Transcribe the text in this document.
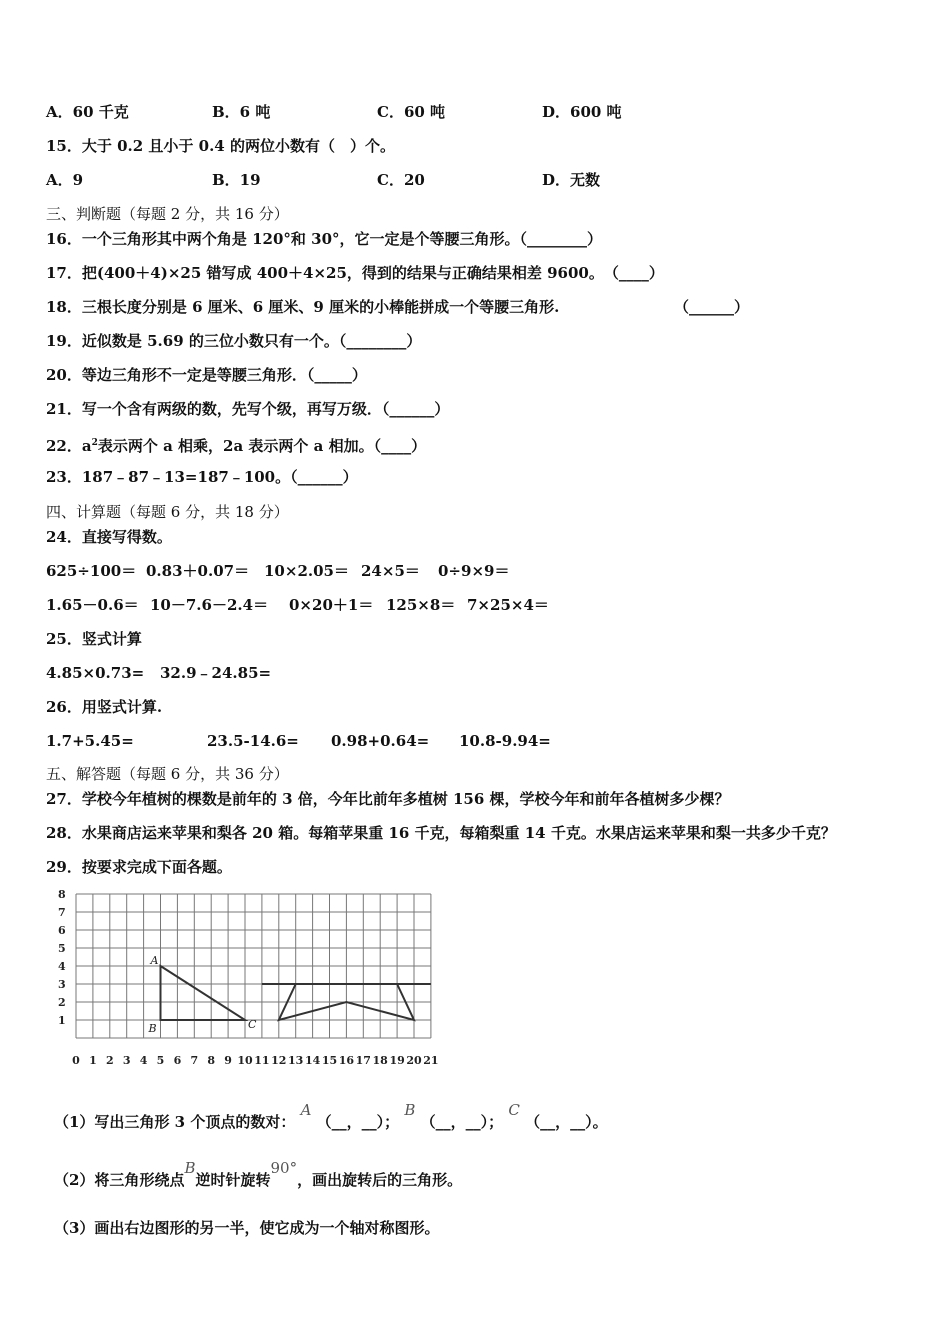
A．60 千克	B．6 吨	C．60 吨	D．600 吨
15．大于 0.2 且小于 0.4 的两位小数有（　）个。
A．9	B．19	C．20	D．无数
三、判断题（每题 2 分，共 16 分）
16．一个三角形其中两个角是 120°和 30°，它一定是个等腰三角形。（________）
17．把(400＋4)×25 错写成 400＋4×25，得到的结果与正确结果相差 9600。　（____）
18．三根长度分别是 6 厘米、6 厘米、9 厘米的小棒能拼成一个等腰三角形.	（______）
19．近似数是 5.69 的三位小数只有一个。（________）
20．等边三角形不一定是等腰三角形．（_____）
21．写一个含有两级的数，先写个级，再写万级．（______）
22．$a^2$表示两个 a 相乘，2a 表示两个 a 相加。（____）
23．187﹣87﹣13=187﹣100。（______）
四、计算题（每题 6 分，共 18 分）
24．直接写得数。
625÷100＝ 0.83＋0.07＝ 10×2.05＝ 24×5＝ 0÷9×9＝
1.65－0.6＝ 10－7.6－2.4＝ 0×20＋1＝ 125×8＝ 7×25×4＝
25．竖式计算
4.85×0.73= 32.9﹣24.85=
26．用竖式计算.
1.7+5.45=	23.5-14.6= 0.98+0.64= 10.8-9.94=
五、解答题（每题 6 分，共 36 分）
27．学校今年植树的棵数是前年的 3 倍，今年比前年多植树 156 棵，学校今年和前年各植树多少棵？
28．水果商店运来苹果和梨各 20 箱。每箱苹果重 16 千克，每箱梨重 14 千克。水果店运来苹果和梨一共多少千克？
29．按要求完成下面各题。
0 1 2 3 4 5 6 7 8 9 10 11 12 13 14 15 16 17 18 19 20 21
1
2
3
4
5
6
7
8
A
B	C
（1）写出三角形 3 个顶点的数对： A （__，__）； B （__，__）； C （__，__）。
（2）将三角形绕点B逆时针旋转90°，画出旋转后的三角形。
（3）画出右边图形的另一半，使它成为一个轴对称图形。
